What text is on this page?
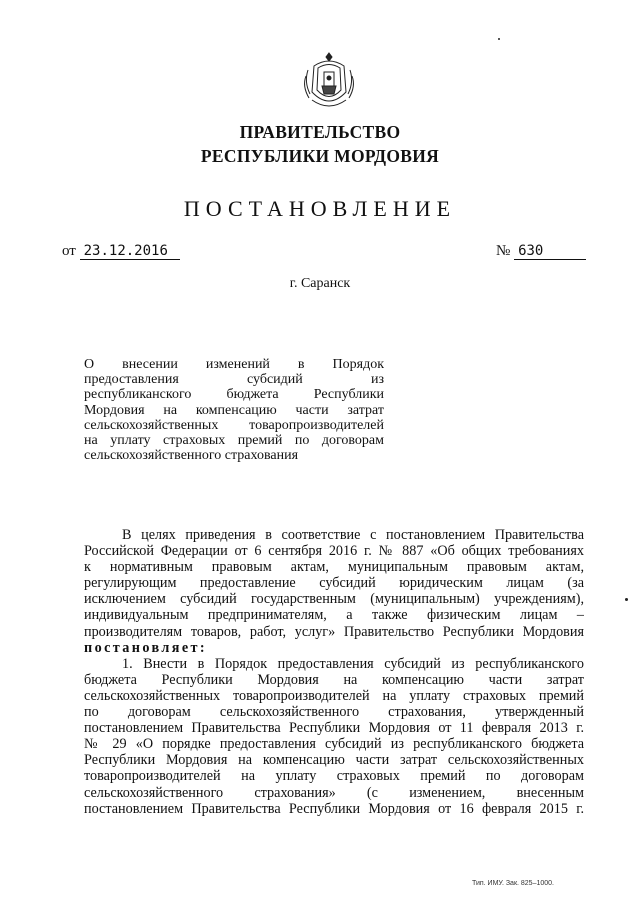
ПРАВИТЕЛЬСТВО
РЕСПУБЛИКИ МОРДОВИЯ
ПОСТАНОВЛЕНИЕ
от 23.12.2016	№ 630
г. Саранск
О внесении изменений в Порядок
предоставления субсидий из
республиканского бюджета Республики
Мордовия на компенсацию части затрат
сельскохозяйственных товаропроизводителей
на уплату страховых премий по договорам
сельскохозяйственного страхования
В целях приведения в соответствие с постановлением Правительства
Российской Федерации от 6 сентября 2016 г. № 887 «Об общих требованиях
к нормативным правовым актам, муниципальным правовым актам,
регулирующим предоставление субсидий юридическим лицам (за
исключением субсидий государственным (муниципальным) учреждениям),
индивидуальным предпринимателям, а также физическим лицам –
производителям товаров, работ, услуг» Правительство Республики Мордовия
постановляет:
1. Внести в Порядок предоставления субсидий из республиканского
бюджета Республики Мордовия на компенсацию части затрат
сельскохозяйственных товаропроизводителей на уплату страховых премий
по договорам сельскохозяйственного страхования, утвержденный
постановлением Правительства Республики Мордовия от 11 февраля 2013 г.
№ 29 «О порядке предоставления субсидий из республиканского бюджета
Республики Мордовия на компенсацию части затрат сельскохозяйственных
товаропроизводителей на уплату страховых премий по договорам
сельскохозяйственного страхования» (с изменением, внесенным
постановлением Правительства Республики Мордовия от 16 февраля 2015 г.
Тип. ИМУ. Зак. 825–1000.
